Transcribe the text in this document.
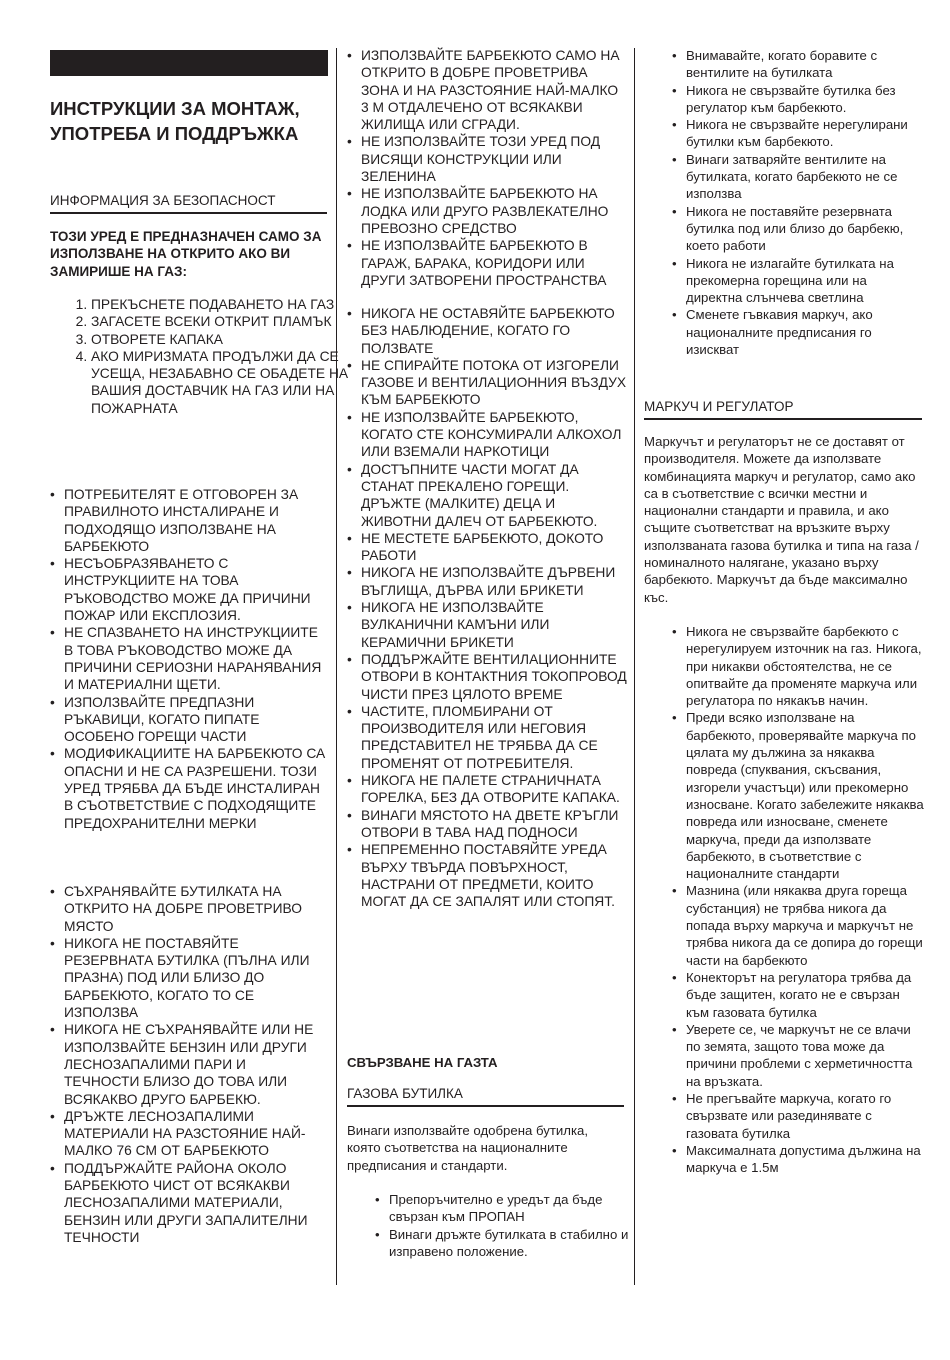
ИНСТРУКЦИИ ЗА МОНТАЖ,
УПОТРЕБА И ПОДДРЪЖКА
ИНФОРМАЦИЯ ЗА БЕЗОПАСНОСТ
ТОЗИ УРЕД Е ПРЕДНАЗНАЧЕН САМО ЗА ИЗПОЛЗВАНЕ НА ОТКРИТО АКО ВИ ЗАМИРИШЕ НА ГАЗ:
1. ПРЕКЪСНЕТЕ ПОДАВАНЕТО НА ГАЗ
2. ЗАГАСЕТЕ ВСЕКИ ОТКРИТ ПЛАМЪК
3. ОТВОРЕТЕ КАПАКА
4. АКО МИРИЗМАТА ПРОДЪЛЖИ ДА СЕ УСЕЩА, НЕЗАБАВНО СЕ ОБАДЕТЕ НА ВАШИЯ ДОСТАВЧИК НА ГАЗ ИЛИ НА ПОЖАРНАТА
• ПОТРЕБИТЕЛЯТ Е ОТГОВОРЕН ЗА ПРАВИЛНОТО ИНСТАЛИРАНЕ И ПОДХОДЯЩО ИЗПОЛЗВАНЕ НА БАРБЕКЮТО
• НЕСЪОБРАЗЯВАНЕТО С ИНСТРУКЦИИТЕ НА ТОВА РЪКОВОДСТВО МОЖЕ ДА ПРИЧИНИ ПОЖАР ИЛИ ЕКСПЛОЗИЯ.
• НЕ СПАЗВАНЕТО НА ИНСТРУКЦИИТЕ В ТОВА РЪКОВОДСТВО МОЖЕ ДА ПРИЧИНИ СЕРИОЗНИ НАРАНЯВАНИЯ И МАТЕРИАЛНИ ЩЕТИ.
• ИЗПОЛЗВАЙТЕ ПРЕДПАЗНИ РЪКАВИЦИ, КОГАТО ПИПАТЕ ОСОБЕНО ГОРЕЩИ ЧАСТИ
• МОДИФИКАЦИИТЕ НА БАРБЕКЮТО СА ОПАСНИ И НЕ СА РАЗРЕШЕНИ. ТОЗИ УРЕД ТРЯБВА ДА БЪДЕ ИНСТАЛИРАН В СЪОТВЕТСТВИЕ С ПОДХОДЯЩИТЕ ПРЕДОХРАНИТЕЛНИ МЕРКИ
• СЪХРАНЯВАЙТЕ БУТИЛКАТА НА ОТКРИТО НА ДОБРЕ ПРОВЕТРИВО МЯСТО
• НИКОГА НЕ ПОСТАВЯЙТЕ РЕЗЕРВНАТА БУТИЛКА (ПЪЛНА ИЛИ ПРАЗНА) ПОД ИЛИ БЛИЗО ДО БАРБЕКЮТО, КОГАТО ТО СЕ ИЗПОЛЗВА
• НИКОГА НЕ СЪХРАНЯВАЙТЕ ИЛИ НЕ ИЗПОЛЗВАЙТЕ БЕНЗИН ИЛИ ДРУГИ ЛЕСНОЗАПАЛИМИ ПАРИ И ТЕЧНОСТИ БЛИЗО ДО ТОВА ИЛИ ВСЯКАКВО ДРУГО БАРБЕКЮ.
• ДРЪЖТЕ ЛЕСНОЗАПАЛИМИ МАТЕРИАЛИ НА РАЗСТОЯНИЕ НАЙ-МАЛКО 76 СМ ОТ БАРБЕКЮТО
• ПОДДЪРЖАЙТЕ РАЙОНА ОКОЛО БАРБЕКЮТО ЧИСТ ОТ ВСЯКАКВИ ЛЕСНОЗАПАЛИМИ МАТЕРИАЛИ, БЕНЗИН ИЛИ ДРУГИ ЗАПАЛИТЕЛНИ ТЕЧНОСТИ
• ИЗПОЛЗВАЙТЕ БАРБЕКЮТО САМО НА ОТКРИТО В ДОБРЕ ПРОВЕТРИВА ЗОНА И НА РАЗСТОЯНИЕ НАЙ-МАЛКО 3 М ОТДАЛЕЧЕНО ОТ ВСЯКАКВИ ЖИЛИЩА ИЛИ СГРАДИ.
• НЕ ИЗПОЛЗВАЙТЕ ТОЗИ УРЕД ПОД ВИСЯЩИ КОНСТРУКЦИИ ИЛИ ЗЕЛЕНИНА
• НЕ ИЗПОЛЗВАЙТЕ БАРБЕКЮТО НА ЛОДКА ИЛИ ДРУГО РАЗВЛЕКАТЕЛНО ПРЕВОЗНО СРЕДСТВО
• НЕ ИЗПОЛЗВАЙТЕ БАРБЕКЮТО В ГАРАЖ, БАРАКА, КОРИДОРИ ИЛИ ДРУГИ ЗАТВОРЕНИ ПРОСТРАНСТВА
• НИКОГА НЕ ОСТАВЯЙТЕ БАРБЕКЮТО БЕЗ НАБЛЮДЕНИЕ, КОГАТО ГО ПОЛЗВАТЕ
• НЕ СПИРАЙТЕ ПОТОКА ОТ ИЗГОРЕЛИ ГАЗОВЕ И ВЕНТИЛАЦИОННИЯ ВЪЗДУХ КЪМ БАРБЕКЮТО
• НЕ ИЗПОЛЗВАЙТЕ БАРБЕКЮТО, КОГАТО СТЕ КОНСУМИРАЛИ АЛКОХОЛ ИЛИ ВЗЕМАЛИ НАРКОТИЦИ
• ДОСТЪПНИТЕ ЧАСТИ МОГАТ ДА СТАНАТ ПРЕКАЛЕНО ГОРЕЩИ. ДРЪЖТЕ (МАЛКИТЕ) ДЕЦА И ЖИВОТНИ ДАЛЕЧ ОТ БАРБЕКЮТО.
• НЕ МЕСТЕТЕ БАРБЕКЮТО, ДОКОТО РАБОТИ
• НИКОГА НЕ ИЗПОЛЗВАЙТЕ ДЪРВЕНИ ВЪГЛИЩА, ДЪРВА ИЛИ БРИКЕТИ
• НИКОГА НЕ ИЗПОЛЗВАЙТЕ ВУЛКАНИЧНИ КАМЪНИ ИЛИ КЕРАМИЧНИ БРИКЕТИ
• ПОДДЪРЖАЙТЕ ВЕНТИЛАЦИОННИТЕ ОТВОРИ В КОНТАКТНИЯ ТОКОПРОВОД ЧИСТИ ПРЕЗ ЦЯЛОТО ВРЕМЕ
• ЧАСТИТЕ, ПЛОМБИРАНИ ОТ ПРОИЗВОДИТЕЛЯ ИЛИ НЕГОВИЯ ПРЕДСТАВИТЕЛ НЕ ТРЯБВА ДА СЕ ПРОМЕНЯТ ОТ ПОТРЕБИТЕЛЯ.
• НИКОГА НЕ ПАЛЕТЕ СТРАНИЧНАТА ГОРЕЛКА, БЕЗ ДА ОТВОРИТЕ КАПАКА.
• ВИНАГИ МЯСТОТО НА ДВЕТЕ КРЪГЛИ ОТВОРИ В ТАВА НАД ПОДНОСИ
• НЕПРЕМЕННО ПОСТАВЯЙТЕ УРЕДА ВЪРХУ ТВЪРДА ПОВЪРХНОСТ, НАСТРАНИ ОТ ПРЕДМЕТИ, КОИТО МОГАТ ДА СЕ ЗАПАЛЯТ ИЛИ СТОПЯТ.
СВЪРЗВАНЕ НА ГАЗТА
ГАЗОВА БУТИЛКА

Винаги използвайте одобрена бутилка, която съответства на националните предписания и стандарти.

• Препоръчително е уредът да бъде свързан към ПРОПАН
• Винаги дръжте бутилката в стабилно и изправено положение.
• Внимавайте, когато боравите с вентилите на бутилката
• Никога не свързвайте бутилка без регулатор към барбекюто.
• Никога не свързвайте нерегулирани бутилки към барбекюто.
• Винаги затваряйте вентилите на бутилката, когато барбекюто не се използва
• Никога не поставяйте резервната бутилка под или близо до барбекю, което работи
• Никога не излагайте бутилката на прекомерна горещина или на директна слънчева светлина
• Сменете гъвкавия маркуч, ако националните предписания го изискват
МАРКУЧ И РЕГУЛАТОР

Маркучът и регулаторът не се доставят от производителя. Можете да използвате комбинацията маркуч и регулатор, само ако са в съответствие с всички местни и национални стандарти и правила, и ако същите съответстват на връзките върху използваната газова бутилка и типа на газа /номиналното налягане, указано върху барбекюто. Маркучът да бъде максимално къс.

• Никога не свързвайте барбекюто с нерегулируем източник на газ. Никога, при никакви обстоятелства, не се опитвайте да променяте маркуча или регулатора по някакъв начин.
• Преди всяко използване на барбекюто, проверявайте маркуча по цялата му дължина за някаква повреда (спуквания, скъсвания, изгорели участъци) или прекомерно износване. Когато забележите някаква повреда или износване, сменете маркуча, преди да използвате барбекюто, в съответствие с националните стандарти
• Мазнина (или някаква друга гореща субстанция) не трябва никога да попада върху маркуча и маркучът не трябва никога да се допира до горещи части на барбекюто
• Конекторът на регулатора трябва да бъде защитен, когато не е свързан към газовата бутилка
• Уверете се, че маркучът не се влачи по земята, защото това може да причини проблеми с херметичността на връзката.
• Не прегъвайте маркуча, когато го свързвате или разединявате с газовата бутилка
• Максималната допустима дължина на маркуча е 1.5м
